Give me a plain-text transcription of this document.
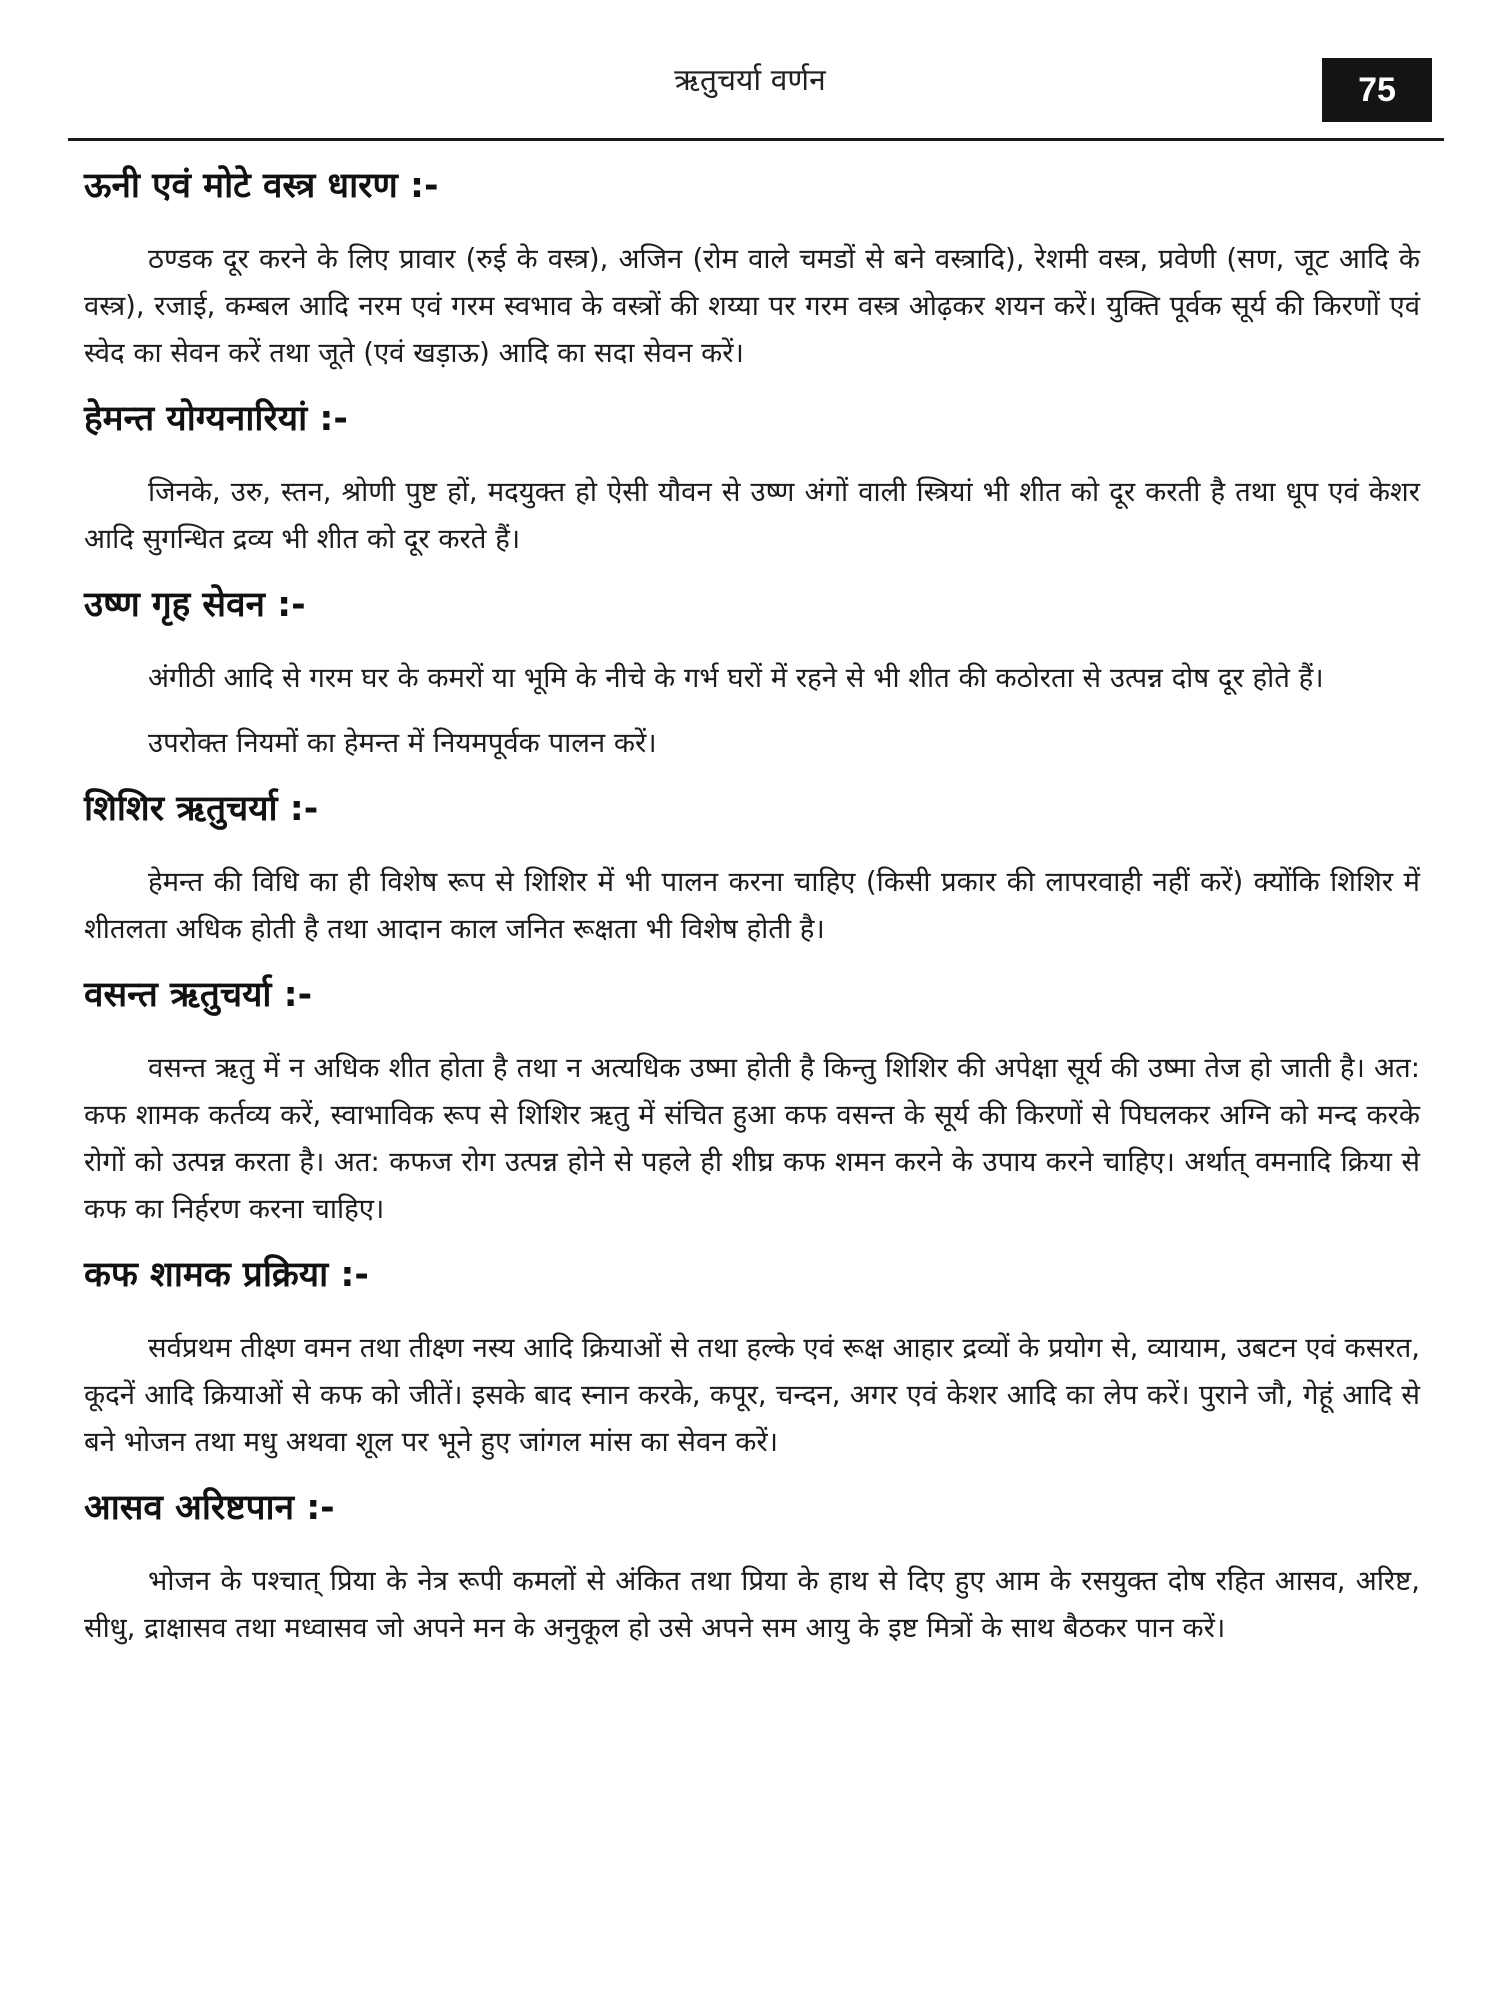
ऋतुचर्या वर्णन	75
ऊनी एवं मोटे वस्त्र धारण :-

ठण्डक दूर करने के लिए प्रावार (रुई के वस्त्र), अजिन (रोम वाले चमडों से बने वस्त्रादि), रेशमी वस्त्र, प्रवेणी (सण, जूट आदि के वस्त्र), रजाई, कम्बल आदि नरम एवं गरम स्वभाव के वस्त्रों की शय्या पर गरम वस्त्र ओढ़कर शयन करें। युक्ति पूर्वक सूर्य की किरणों एवं स्वेद का सेवन करें तथा जूते (एवं खड़ाऊ) आदि का सदा सेवन करें।

हेमन्त योग्यनारियां :-

जिनके, उरु, स्तन, श्रोणी पुष्ट हों, मदयुक्त हो ऐसी यौवन से उष्ण अंगों वाली स्त्रियां भी शीत को दूर करती है तथा धूप एवं केशर आदि सुगन्धित द्रव्य भी शीत को दूर करते हैं।

उष्ण गृह सेवन :-

अंगीठी आदि से गरम घर के कमरों या भूमि के नीचे के गर्भ घरों में रहने से भी शीत की कठोरता से उत्पन्न दोष दूर होते हैं।

उपरोक्त नियमों का हेमन्त में नियमपूर्वक पालन करें।

शिशिर ऋतुचर्या :-

हेमन्त की विधि का ही विशेष रूप से शिशिर में भी पालन करना चाहिए (किसी प्रकार की लापरवाही नहीं करें) क्योंकि शिशिर में शीतलता अधिक होती है तथा आदान काल जनित रूक्षता भी विशेष होती है।

वसन्त ऋतुचर्या :-

वसन्त ऋतु में न अधिक शीत होता है तथा न अत्यधिक उष्मा होती है किन्तु शिशिर की अपेक्षा सूर्य की उष्मा तेज हो जाती है। अत: कफ शामक कर्तव्य करें, स्वाभाविक रूप से शिशिर ऋतु में संचित हुआ कफ वसन्त के सूर्य की किरणों से पिघलकर अग्नि को मन्द करके रोगों को उत्पन्न करता है। अत: कफज रोग उत्पन्न होने से पहले ही शीघ्र कफ शमन करने के उपाय करने चाहिए। अर्थात् वमनादि क्रिया से कफ का निर्हरण करना चाहिए।

कफ शामक प्रक्रिया :-

सर्वप्रथम तीक्ष्ण वमन तथा तीक्ष्ण नस्य आदि क्रियाओं से तथा हल्के एवं रूक्ष आहार द्रव्यों के प्रयोग से, व्यायाम, उबटन एवं कसरत, कूदनें आदि क्रियाओं से कफ को जीतें। इसके बाद स्नान करके, कपूर, चन्दन, अगर एवं केशर आदि का लेप करें। पुराने जौ, गेहूं आदि से बने भोजन तथा मधु अथवा शूल पर भूने हुए जांगल मांस का सेवन करें।

आसव अरिष्टपान :-

भोजन के पश्चात् प्रिया के नेत्र रूपी कमलों से अंकित तथा प्रिया के हाथ से दिए हुए आम के रसयुक्त दोष रहित आसव, अरिष्ट, सीधु, द्राक्षासव तथा मध्वासव जो अपने मन के अनुकूल हो उसे अपने सम आयु के इष्ट मित्रों के साथ बैठकर पान करें।
